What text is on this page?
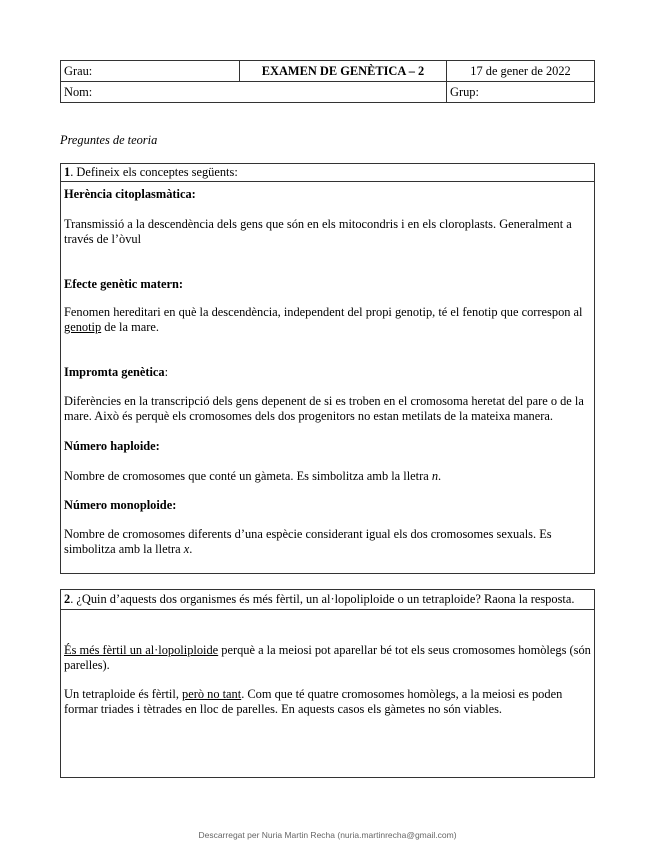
Grau:	EXAMEN DE GENÈTICA – 2	17 de gener de 2022
Nom:		Grup:
Preguntes de teoria
1. Defineix els conceptes següents:
Herència citoplasmàtica:
Transmissió a la descendència dels gens que són en els mitocondris i en els cloroplasts. Generalment a través de l’òvul
Efecte genètic matern:
Fenomen hereditari en què la descendència, independent del propi genotip, té el fenotip que correspon al genotip de la mare.
Impromta genètica:
Diferències en la transcripció dels gens depenent de si es troben en el cromosoma heretat del pare o de la mare. Això és perquè els cromosomes dels dos progenitors no estan metilats de la mateixa manera.
Número haploide:
Nombre de cromosomes que conté un gàmeta. Es simbolitza amb la lletra n.
Número monoploide:
Nombre de cromosomes diferents d’una espècie considerant igual els dos cromosomes sexuals. Es simbolitza amb la lletra x.
2. ¿Quin d’aquests dos organismes és més fèrtil, un al·lopoliploide o un tetraploide? Raona la resposta.
És més fèrtil un al·lopoliploide perquè a la meiosi pot aparellar bé tot els seus cromosomes homòlegs (són parelles).
Un tetraploide és fèrtil, però no tant. Com que té quatre cromosomes homòlegs, a la meiosi es poden formar triades i tètrades en lloc de parelles. En aquests casos els gàmetes no són viables.
Descarregat per Nuria Martin Recha (nuria.martinrecha@gmail.com)
